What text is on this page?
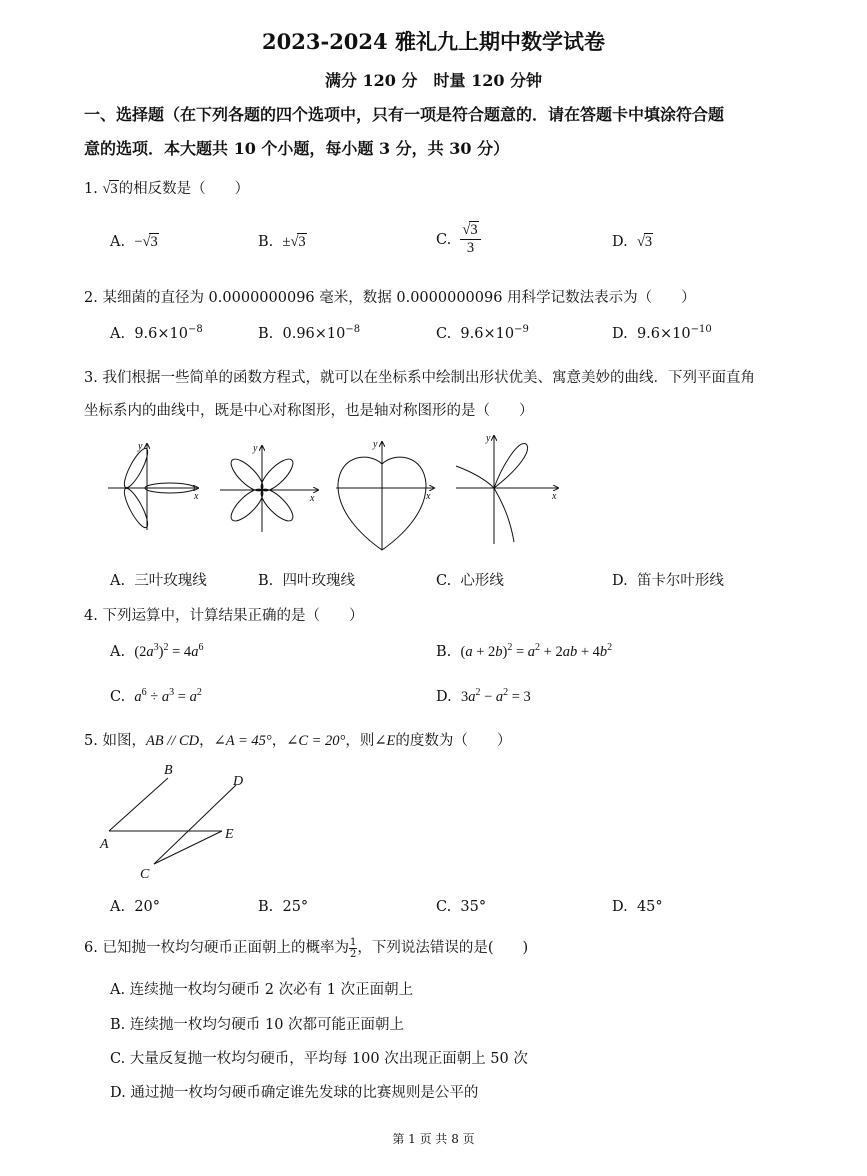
2023-2024 雅礼九上期中数学试卷
满分 120 分　时量 120 分钟
一、选择题（在下列各题的四个选项中，只有一项是符合题意的．请在答题卡中填涂符合题
意的选项．本大题共 10 个小题，每小题 3 分，共 30 分）
1. √3的相反数是（　　）
A. −√3	B. ±√3	C. $\frac{√3}{3}$	D. √3
2. 某细菌的直径为 0.0000000096 毫米，数据 0.0000000096 用科学记数法表示为（　　）
A. $9.6\times 10^{-8}$	B. $0.96\times 10^{-8}$	C. $9.6\times 10^{-9}$	D. $9.6\times 10^{-10}$
3. 我们根据一些简单的函数方程式，就可以在坐标系中绘制出形状优美、寓意美妙的曲线．下列平面直角
坐标系内的曲线中，既是中心对称图形，也是轴对称图形的是（　　）
x
y
x
y
x
y
x
y
A. 三叶玫瑰线	B. 四叶玫瑰线	C. 心形线	D. 笛卡尔叶形线
4. 下列运算中，计算结果正确的是（　　）
A. $(2a^3)^2 = 4a^6$	B. $(a + 2b)^2 = a^2 + 2ab + 4b^2$
C. $a^6 \div a^3 = a^2$	D. $3a^2 - a^2 = 3$
5. 如图，AB // CD，∠A = 45°，∠C = 20°，则∠E的度数为（　　）
B
D
A
E
C
A. 20°	B. 25°	C. 35°	D. 45°
6. 已知抛一枚均匀硬币正面朝上的概率为 $\frac{1}{2}$ ，下列说法错误的是(　　)
A. 连续抛一枚均匀硬币 2 次必有 1 次正面朝上
B. 连续抛一枚均匀硬币 10 次都可能正面朝上
C. 大量反复抛一枚均匀硬币，平均每 100 次出现正面朝上 50 次
D. 通过抛一枚均匀硬币确定谁先发球的比赛规则是公平的
第 1 页 共 8 页
